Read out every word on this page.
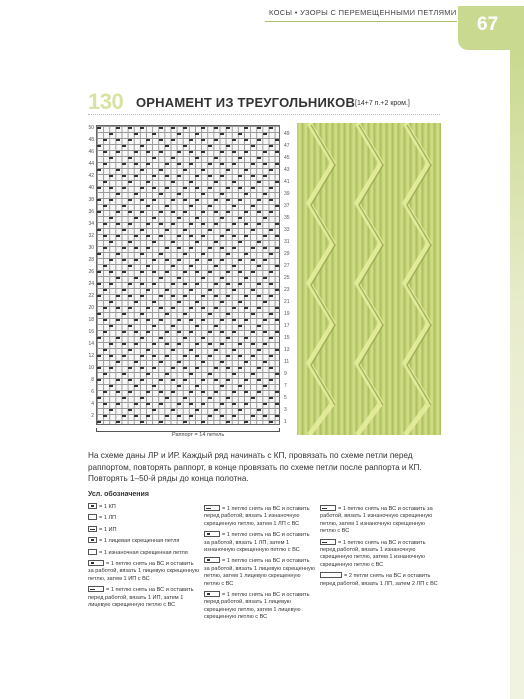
КОСЫ • УЗОРЫ С ПЕРЕМЕЩЕННЫМИ ПЕТЛЯМИ
67
130 ОРНАМЕНТ ИЗ ТРЕУГОЛЬНИКОВ [14+7 п.+2 кром.]
50
48
46
44
42
40
38
36
34
32
30
28
26
24
22
20
18
16
14
12
10
8
6
4
2
49
47
45
43
41
39
37
35
33
31
29
27
25
23
21
19
17
15
13
11
9
7
5
3
1
Раппорт = 14 петель
На схеме даны ЛР и ИР. Каждый ряд начинать с КП, провязать по схеме петли перед раппортом, повторять раппорт, в конце провязать по схеме петли после раппорта и КП. Повторять 1–50-й ряды до конца полотна.
Усл. обозначения
= 1 КП
= 1 ЛП
= 1 ИП
= 1 лицевая скрещенная петля
= 1 изнаночная скрещенная петля
= 1 петлю снять на ВС и оставить за работой, вязать 1 лицевую скрещенную петлю, затем 1 ИП с ВС
= 1 петлю снять на ВС и оставить перед работой, вязать 1 ИП, затем 1 лицевую скрещенную петлю с ВС
= 1 петлю снять на ВС и оставить перед работой, вязать 1 изнаночную скрещенную петлю, затем 1 ЛП с ВС
= 1 петлю снять на ВС и оставить за работой, вязать 1 ЛП, затем 1 изнаночную скрещенную петлю с ВС
= 1 петлю снять на ВС и оставить за работой, вязать 1 лицевую скрещенную петлю, затем 1 лицевую скрещенную петлю с ВС
= 1 петлю снять на ВС и оставить перед работой, вязать 1 лицевую скрещенную петлю, затем 1 лицевую скрещенную петлю с ВС
= 1 петлю снять на ВС и оставить за работой, вязать 1 изнаночную скрещенную петлю, затем 1 изнаночную скрещенную петлю с ВС
= 1 петлю снять на ВС и оставить перед работой, вязать 1 изнаночную скрещенную петлю, затем 1 изнаночную скрещенную петлю с ВС
= 2 петли снять на ВС и оставить перед работой, вязать 1 ЛП, затем 2 ЛП с ВС
